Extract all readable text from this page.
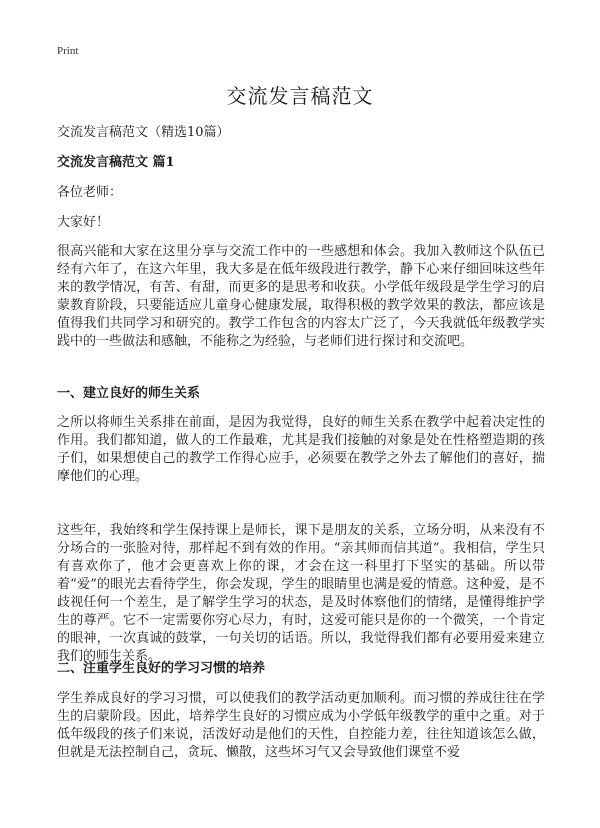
Print
交流发言稿范文
交流发言稿范文（精选10篇）
交流发言稿范文 篇1
各位老师：
大家好！

很高兴能和大家在这里分享与交流工作中的一些感想和体会。我加入教师这个队伍已经有六年了，在这六年里，我大多是在低年级段进行教学，静下心来仔细回味这些年来的教学情况，有苦、有甜，而更多的是思考和收获。小学低年级段是学生学习的启蒙教育阶段，只要能适应儿童身心健康发展，取得积极的教学效果的教法，都应该是值得我们共同学习和研究的。教学工作包含的内容太广泛了，今天我就低年级教学实践中的一些做法和感触，不能称之为经验，与老师们进行探讨和交流吧。

一、建立良好的师生关系

之所以将师生关系排在前面，是因为我觉得，良好的师生关系在教学中起着决定性的作用。我们都知道，做人的工作最难，尤其是我们接触的对象是处在性格塑造期的孩子们，如果想使自己的教学工作得心应手，必须要在教学之外去了解他们的喜好，揣摩他们的心理。

这些年，我始终和学生保持课上是师长，课下是朋友的关系，立场分明，从来没有不分场合的一张脸对待，那样起不到有效的作用。“亲其师而信其道”。我相信，学生只有喜欢你了，他才会更喜欢上你的课，才会在这一科里打下坚实的基础。所以带着“爱”的眼光去看待学生，你会发现，学生的眼睛里也满是爱的情意。这种爱，是不歧视任何一个差生，是了解学生学习的状态，是及时体察他们的情绪，是懂得维护学生的尊严。它不一定需要你穷心尽力，有时，这爱可能只是你的一个微笑，一个肯定的眼神，一次真诚的鼓掌，一句关切的话语。所以，我觉得我们都有必要用爱来建立我们的师生关系。

二、注重学生良好的学习习惯的培养

学生养成良好的学习习惯，可以使我们的教学活动更加顺利。而习惯的养成往往在学生的启蒙阶段。因此，培养学生良好的习惯应成为小学低年级教学的重中之重。对于低年级段的孩子们来说，活泼好动是他们的天性，自控能力差，往往知道该怎么做，但就是无法控制自己，贪玩、懒散，这些坏习气又会导致他们课堂不爱
